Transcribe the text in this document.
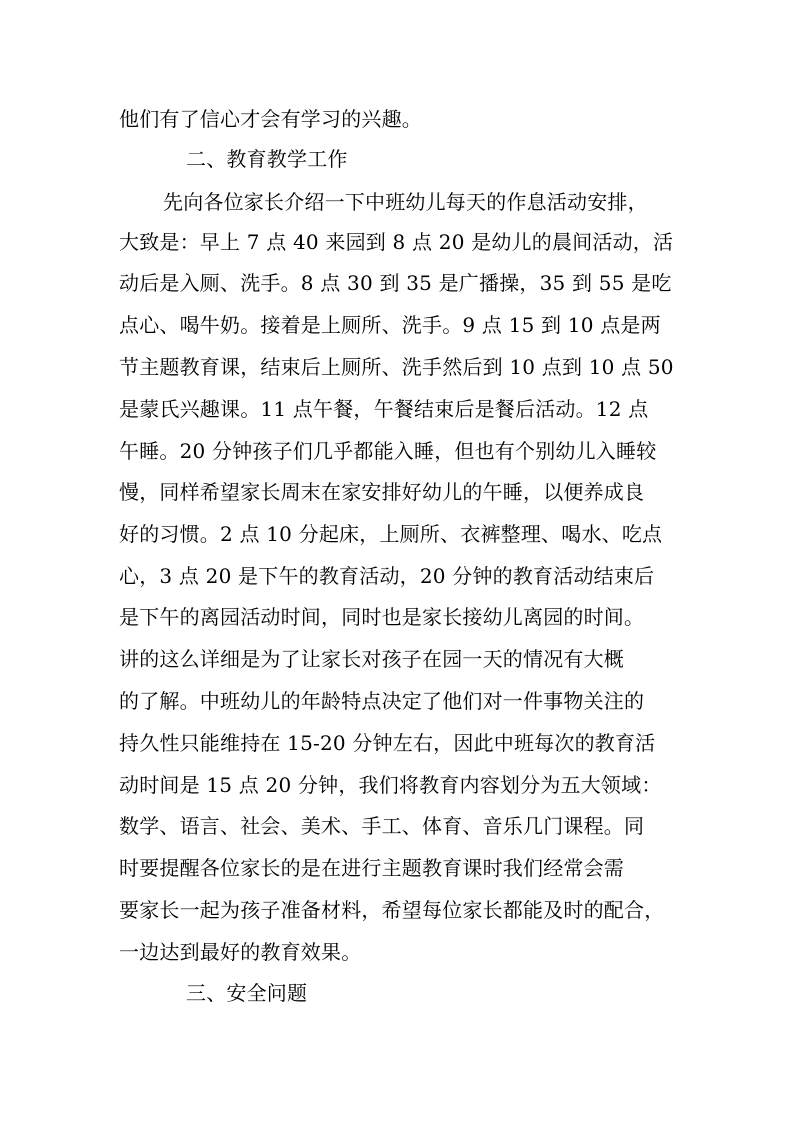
他们有了信心才会有学习的兴趣。
二、教育教学工作
先向各位家长介绍一下中班幼儿每天的作息活动安排，
大致是：早上 7 点 40 来园到 8 点 20 是幼儿的晨间活动，活
动后是入厕、洗手。8 点 30 到 35 是广播操，35 到 55 是吃
点心、喝牛奶。接着是上厕所、洗手。9 点 15 到 10 点是两
节主题教育课，结束后上厕所、洗手然后到 10 点到 10 点 50
是蒙氏兴趣课。11 点午餐，午餐结束后是餐后活动。12 点
午睡。20 分钟孩子们几乎都能入睡，但也有个别幼儿入睡较
慢，同样希望家长周末在家安排好幼儿的午睡，以便养成良
好的习惯。2 点 10 分起床，上厕所、衣裤整理、喝水、吃点
心，3 点 20 是下午的教育活动，20 分钟的教育活动结束后
是下午的离园活动时间，同时也是家长接幼儿离园的时间。
讲的这么详细是为了让家长对孩子在园一天的情况有大概
的了解。中班幼儿的年龄特点决定了他们对一件事物关注的
持久性只能维持在 15-20 分钟左右，因此中班每次的教育活
动时间是 15 点 20 分钟，我们将教育内容划分为五大领域：
数学、语言、社会、美术、手工、体育、音乐几门课程。同
时要提醒各位家长的是在进行主题教育课时我们经常会需
要家长一起为孩子准备材料，希望每位家长都能及时的配合，
一边达到最好的教育效果。
三、安全问题
